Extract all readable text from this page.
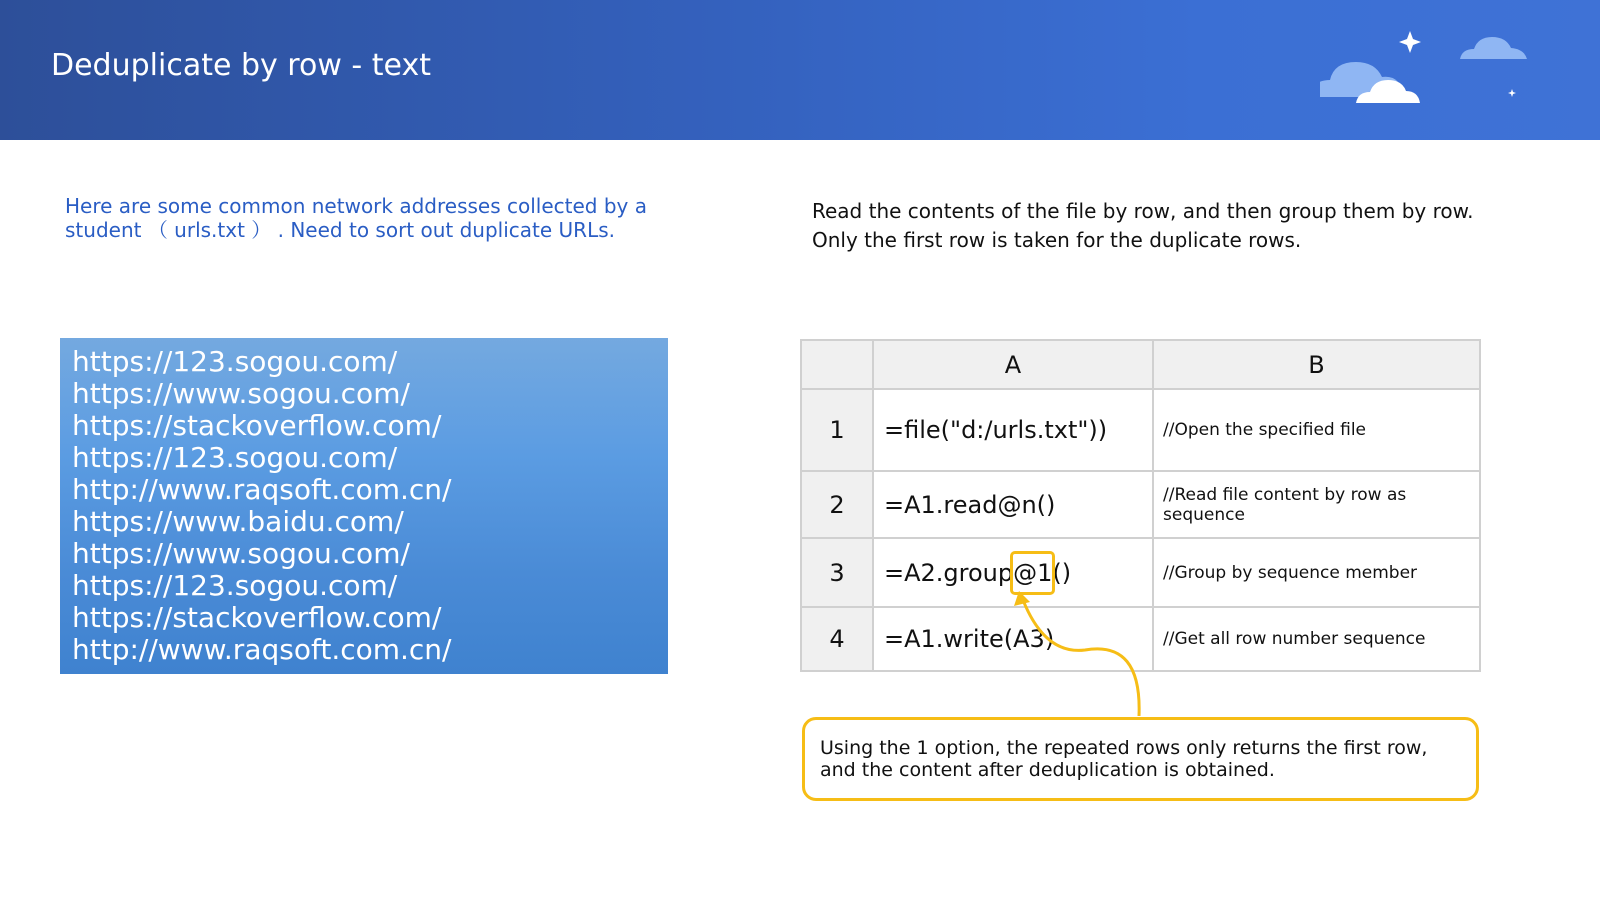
Deduplicate by row - text
Here are some common network addresses collected by a student （ urls.txt ） . Need to sort out duplicate URLs.
Read the contents of the file by row, and then group them by row.
Only the first row is taken for the duplicate rows.
https://123.sogou.com/
https://www.sogou.com/
https://stackoverflow.com/
https://123.sogou.com/
http://www.raqsoft.com.cn/
https://www.baidu.com/
https://www.sogou.com/
https://123.sogou.com/
https://stackoverflow.com/
http://www.raqsoft.com.cn/
	A	B
1	=file("d:/urls.txt"))	//Open the specified file
2	=A1.read@n()	//Read file content by row as sequence
3	=A2.group@1()	//Group by sequence member
4	=A1.write(A3)	//Get all row number sequence
Using the 1 option, the repeated rows only returns the first row, and the content after deduplication is obtained.
